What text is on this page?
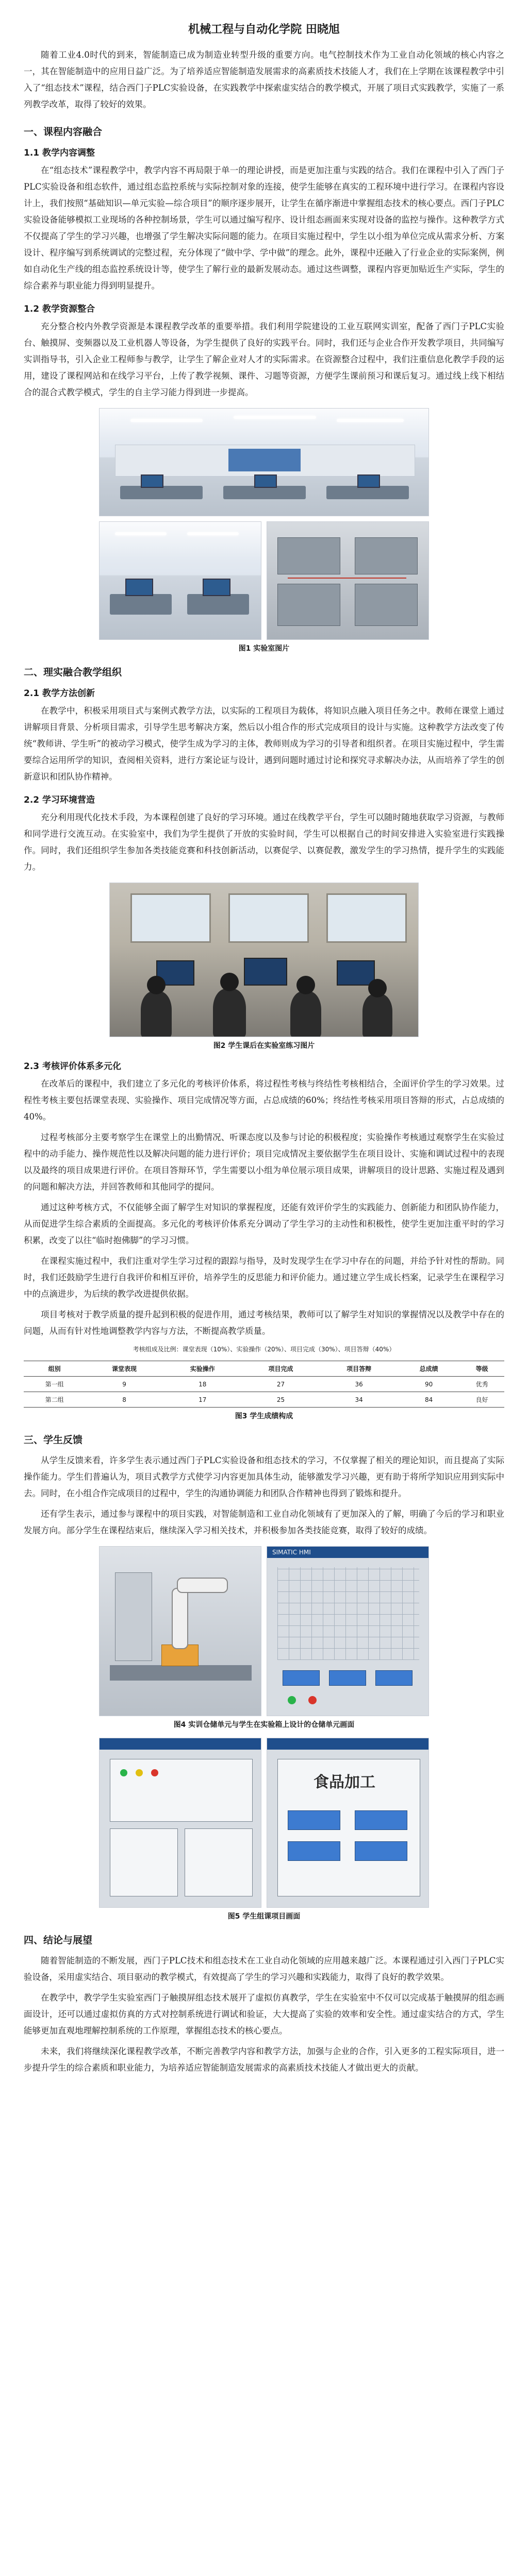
机械工程与自动化学院 田晓旭

随着工业4.0时代的到来，智能制造已成为制造业转型升级的重要方向。电气控制技术作为工业自动化领域的核心内容之一，其在智能制造中的应用日益广泛。为了培养适应智能制造发展需求的高素质技术技能人才，我们在上学期在该课程教学中引入了“组态技术”课程，结合西门子PLC实验设备，在实践教学中探索虚实结合的教学模式，开展了项目式实践教学，实施了一系列教学改革，取得了较好的效果。

一、课程内容融合
1.1 教学内容调整

在“组态技术”课程教学中，教学内容不再局限于单一的理论讲授，而是更加注重与实践的结合。我们在课程中引入了西门子PLC实验设备和组态软件，通过组态监控系统与实际控制对象的连接，使学生能够在真实的工程环境中进行学习。在课程内容设计上，我们按照“基础知识—单元实验—综合项目”的顺序逐步展开，让学生在循序渐进中掌握组态技术的核心要点。西门子PLC实验设备能够模拟工业现场的各种控制场景，学生可以通过编写程序、设计组态画面来实现对设备的监控与操作。这种教学方式不仅提高了学生的学习兴趣，也增强了学生解决实际问题的能力。在项目实施过程中，学生以小组为单位完成从需求分析、方案设计、程序编写到系统调试的完整过程，充分体现了“做中学、学中做”的理念。此外，课程中还融入了行业企业的实际案例，例如自动化生产线的组态监控系统设计等，使学生了解行业的最新发展动态。通过这些调整，课程内容更加贴近生产实际，学生的综合素养与职业能力得到明显提升。

1.2 教学资源整合

充分整合校内外教学资源是本课程教学改革的重要举措。我们利用学院建设的工业互联网实训室，配备了西门子PLC实验台、触摸屏、变频器以及工业机器人等设备，为学生提供了良好的实践平台。同时，我们还与企业合作开发教学项目，共同编写实训指导书，引入企业工程师参与教学，让学生了解企业对人才的实际需求。在资源整合过程中，我们注重信息化教学手段的运用，建设了课程网站和在线学习平台，上传了教学视频、课件、习题等资源，方便学生课前预习和课后复习。通过线上线下相结合的混合式教学模式，学生的自主学习能力得到进一步提高。

图1 实验室图片
二、理实融合教学组织
2.1 教学方法创新

在教学中，积极采用项目式与案例式教学方法，以实际的工程项目为载体，将知识点融入项目任务之中。教师在课堂上通过讲解项目背景、分析项目需求，引导学生思考解决方案，然后以小组合作的形式完成项目的设计与实施。这种教学方法改变了传统“教师讲、学生听”的被动学习模式，使学生成为学习的主体，教师则成为学习的引导者和组织者。在项目实施过程中，学生需要综合运用所学的知识，查阅相关资料，进行方案论证与设计，遇到问题时通过讨论和探究寻求解决办法，从而培养了学生的创新意识和团队协作精神。

2.2 学习环境营造

充分利用现代化技术手段，为本课程创建了良好的学习环境。通过在线教学平台，学生可以随时随地获取学习资源，与教师和同学进行交流互动。在实验室中，我们为学生提供了开放的实验时间，学生可以根据自己的时间安排进入实验室进行实践操作。同时，我们还组织学生参加各类技能竞赛和科技创新活动，以赛促学、以赛促教，激发学生的学习热情，提升学生的实践能力。

图2 学生课后在实验室练习图片
2.3 考核评价体系多元化

在改革后的课程中，我们建立了多元化的考核评价体系，将过程性考核与终结性考核相结合，全面评价学生的学习效果。过程性考核主要包括课堂表现、实验操作、项目完成情况等方面，占总成绩的60%；终结性考核采用项目答辩的形式，占总成绩的40%。

过程考核部分主要考察学生在课堂上的出勤情况、听课态度以及参与讨论的积极程度；实验操作考核通过观察学生在实验过程中的动手能力、操作规范性以及解决问题的能力进行评价；项目完成情况主要依据学生在项目设计、实施和调试过程中的表现以及最终的项目成果进行评价。在项目答辩环节，学生需要以小组为单位展示项目成果，讲解项目的设计思路、实施过程及遇到的问题和解决方法，并回答教师和其他同学的提问。

通过这种考核方式，不仅能够全面了解学生对知识的掌握程度，还能有效评价学生的实践能力、创新能力和团队协作能力，从而促进学生综合素质的全面提高。多元化的考核评价体系充分调动了学生学习的主动性和积极性，使学生更加注重平时的学习积累，改变了以往“临时抱佛脚”的学习习惯。

在课程实施过程中，我们注重对学生学习过程的跟踪与指导，及时发现学生在学习中存在的问题，并给予针对性的帮助。同时，我们还鼓励学生进行自我评价和相互评价，培养学生的反思能力和评价能力。通过建立学生成长档案，记录学生在课程学习中的点滴进步，为后续的教学改进提供依据。

项目考核对于教学质量的提升起到积极的促进作用，通过考核结果，教师可以了解学生对知识的掌握情况以及教学中存在的问题，从而有针对性地调整教学内容与方法，不断提高教学质量。

考核组成及比例：课堂表现（10%）、实验操作（20%）、项目完成（30%）、项目答辩（40%）
组别	课堂表现	实验操作	项目完成	项目答辩	总成绩	等级
第一组	9	18	27	36	90	优秀
第二组	8	17	25	34	84	良好
图3 学生成绩构成
三、学生反馈

从学生反馈来看，许多学生表示通过西门子PLC实验设备和组态技术的学习，不仅掌握了相关的理论知识，而且提高了实际操作能力。学生们普遍认为，项目式教学方式使学习内容更加具体生动，能够激发学习兴趣，更有助于将所学知识应用到实际中去。同时，在小组合作完成项目的过程中，学生的沟通协调能力和团队合作精神也得到了锻炼和提升。

还有学生表示，通过参与课程中的项目实践，对智能制造和工业自动化领域有了更加深入的了解，明确了今后的学习和职业发展方向。部分学生在课程结束后，继续深入学习相关技术，并积极参加各类技能竞赛，取得了较好的成绩。

SIMATIC HMI
图4 实训仓储单元与学生在实验箱上设计的仓储单元画面
食品加工
图5 学生组课项目画面
四、结论与展望

随着智能制造的不断发展，西门子PLC技术和组态技术在工业自动化领域的应用越来越广泛。本课程通过引入西门子PLC实验设备，采用虚实结合、项目驱动的教学模式，有效提高了学生的学习兴趣和实践能力，取得了良好的教学效果。

在教学中，教学学生实验室西门子触摸屏组态技术展开了虚拟仿真教学，学生在实验室中不仅可以完成基于触摸屏的组态画面设计，还可以通过虚拟仿真的方式对控制系统进行调试和验证，大大提高了实验的效率和安全性。通过虚实结合的方式，学生能够更加直观地理解控制系统的工作原理，掌握组态技术的核心要点。

未来，我们将继续深化课程教学改革，不断完善教学内容和教学方法，加强与企业的合作，引入更多的工程实际项目，进一步提升学生的综合素质和职业能力，为培养适应智能制造发展需求的高素质技术技能人才做出更大的贡献。
